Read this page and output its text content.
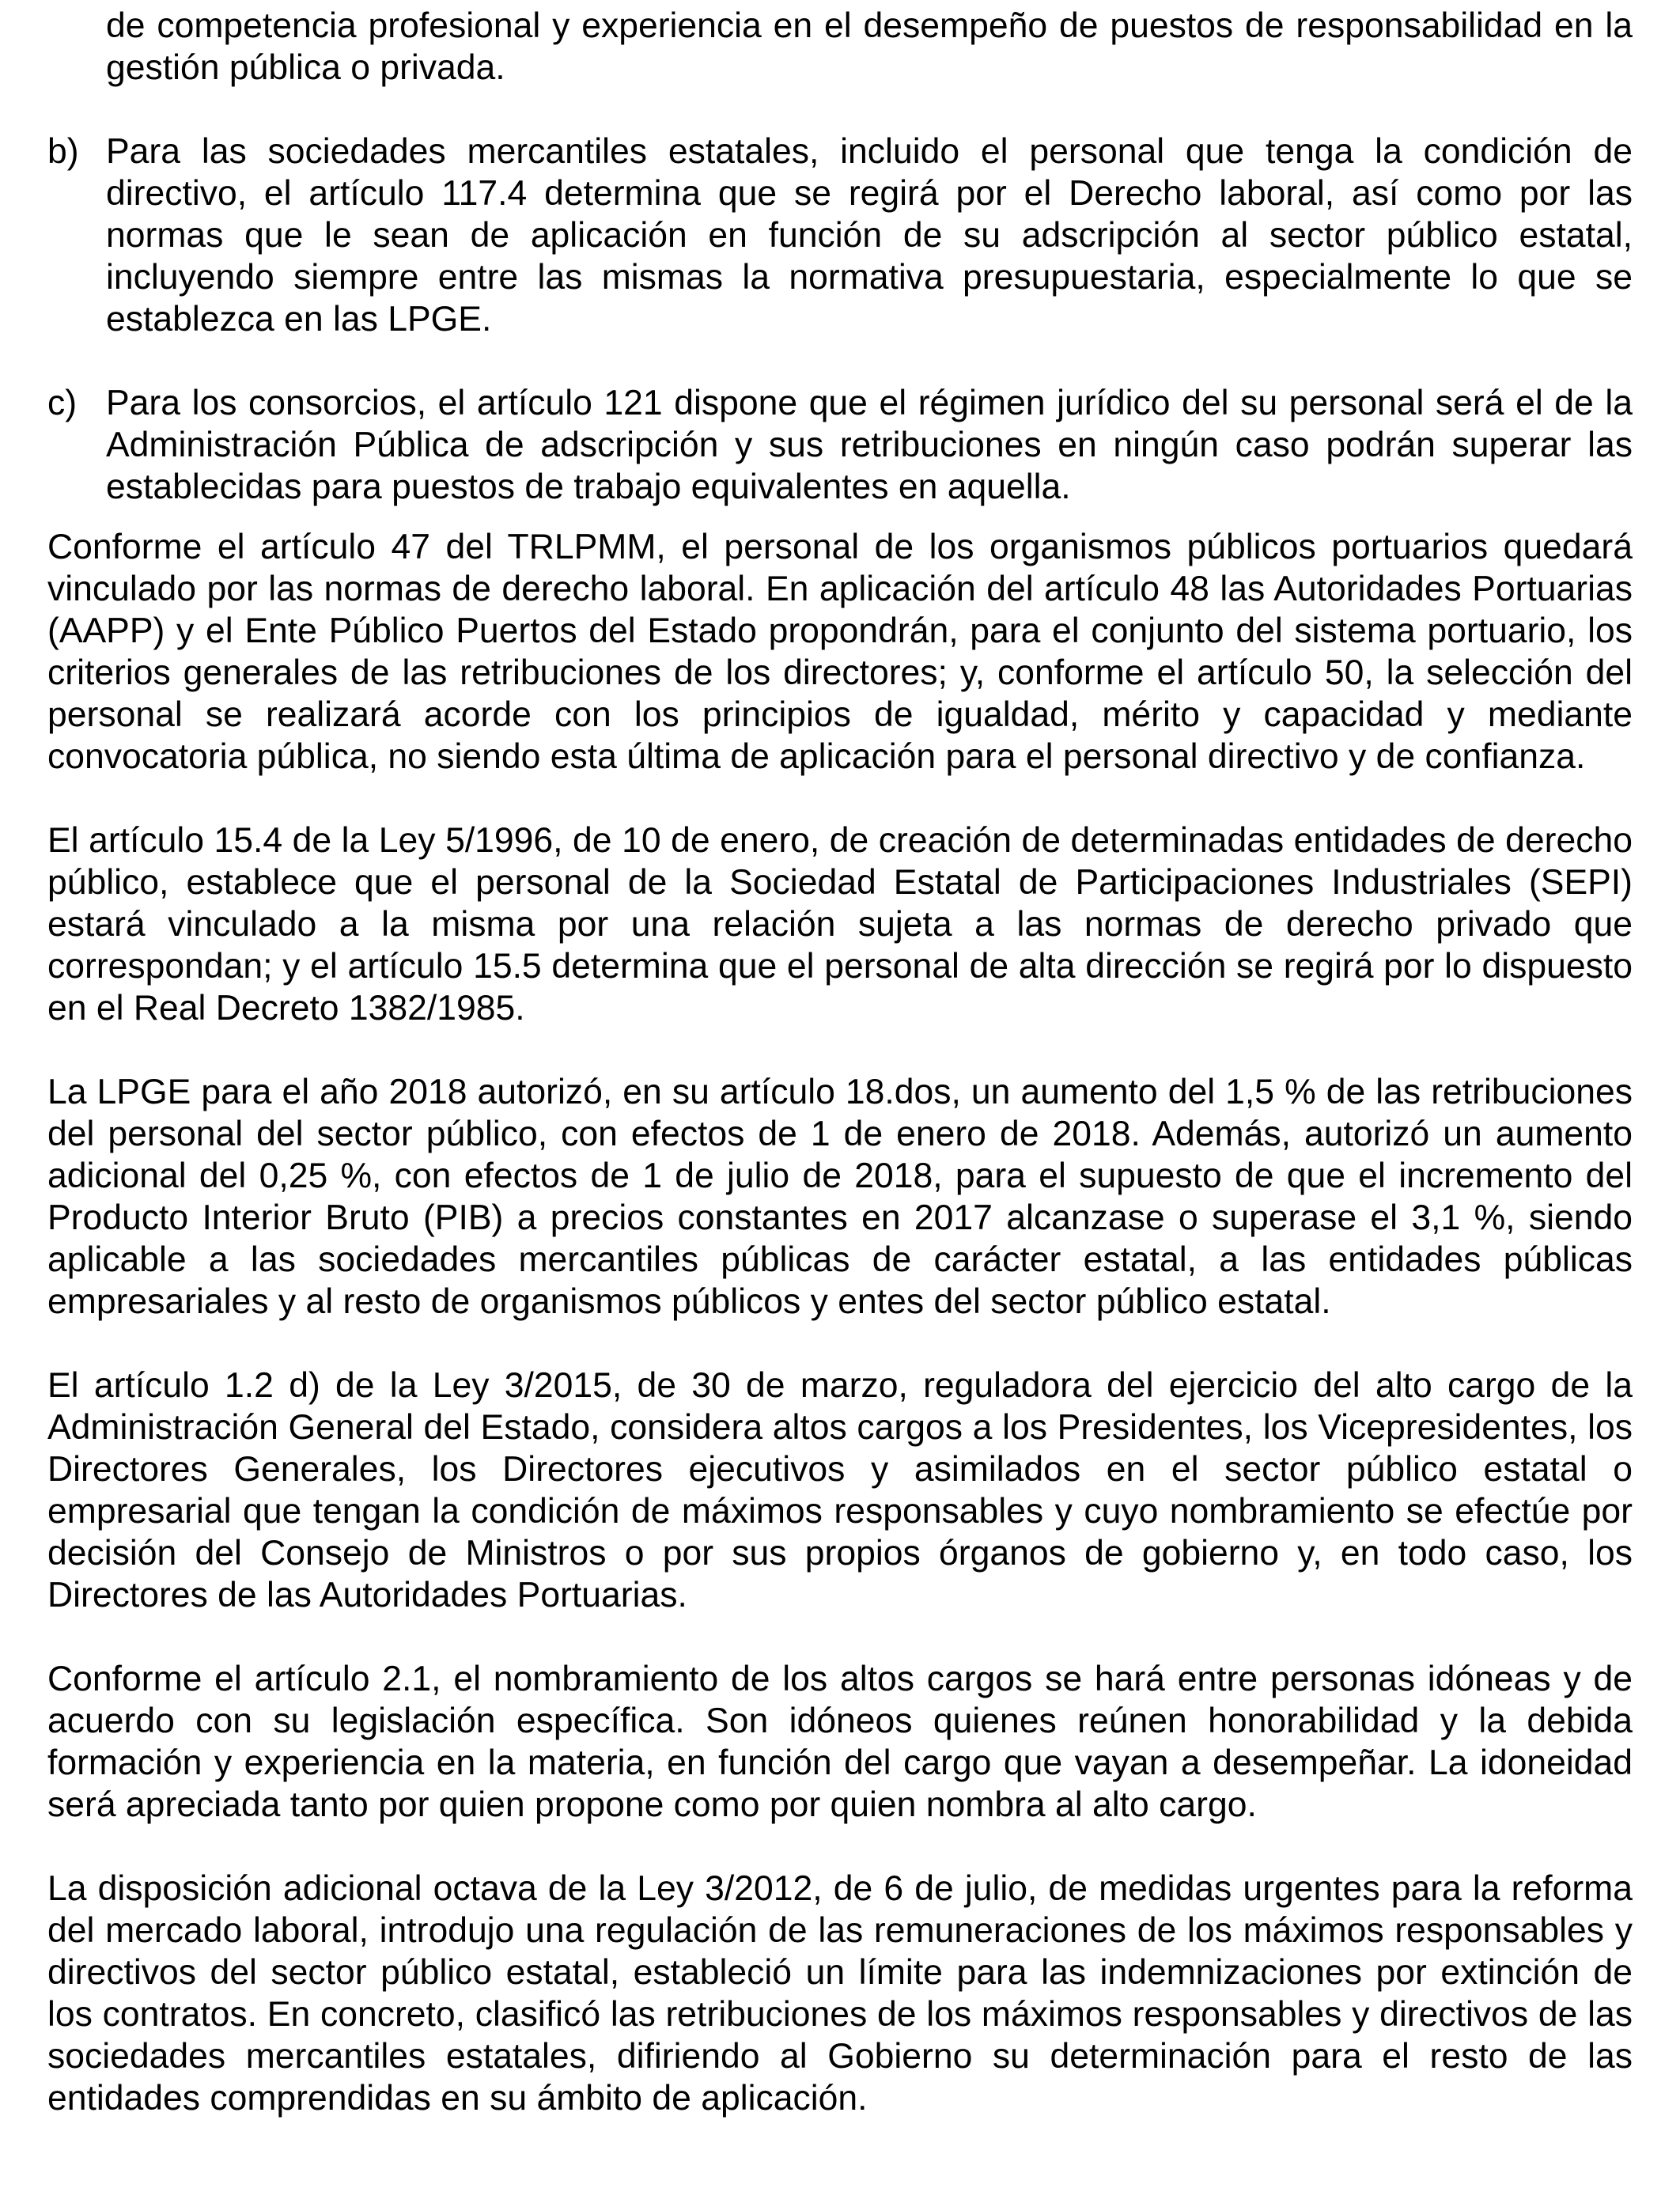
de competencia profesional y experiencia en el desempeño de puestos de responsabilidad en la gestión pública o privada.
b) Para las sociedades mercantiles estatales, incluido el personal que tenga la condición de directivo, el artículo 117.4 determina que se regirá por el Derecho laboral, así como por las normas que le sean de aplicación en función de su adscripción al sector público estatal, incluyendo siempre entre las mismas la normativa presupuestaria, especialmente lo que se establezca en las LPGE.
c) Para los consorcios, el artículo 121 dispone que el régimen jurídico del su personal será el de la Administración Pública de adscripción y sus retribuciones en ningún caso podrán superar las establecidas para puestos de trabajo equivalentes en aquella.

Conforme el artículo 47 del TRLPMM, el personal de los organismos públicos portuarios quedará vinculado por las normas de derecho laboral. En aplicación del artículo 48 las Autoridades Portuarias (AAPP) y el Ente Público Puertos del Estado propondrán, para el conjunto del sistema portuario, los criterios generales de las retribuciones de los directores; y, conforme el artículo 50, la selección del personal se realizará acorde con los principios de igualdad, mérito y capacidad y mediante convocatoria pública, no siendo esta última de aplicación para el personal directivo y de confianza.

El artículo 15.4 de la Ley 5/1996, de 10 de enero, de creación de determinadas entidades de derecho público, establece que el personal de la Sociedad Estatal de Participaciones Industriales (SEPI) estará vinculado a la misma por una relación sujeta a las normas de derecho privado que correspondan; y el artículo 15.5 determina que el personal de alta dirección se regirá por lo dispuesto en el Real Decreto 1382/1985.

La LPGE para el año 2018 autorizó, en su artículo 18.dos, un aumento del 1,5 % de las retribuciones del personal del sector público, con efectos de 1 de enero de 2018. Además, autorizó un aumento adicional del 0,25 %, con efectos de 1 de julio de 2018, para el supuesto de que el incremento del Producto Interior Bruto (PIB) a precios constantes en 2017 alcanzase o superase el 3,1 %, siendo aplicable a las sociedades mercantiles públicas de carácter estatal, a las entidades públicas empresariales y al resto de organismos públicos y entes del sector público estatal.

El artículo 1.2 d) de la Ley 3/2015, de 30 de marzo, reguladora del ejercicio del alto cargo de la Administración General del Estado, considera altos cargos a los Presidentes, los Vicepresidentes, los Directores Generales, los Directores ejecutivos y asimilados en el sector público estatal o empresarial que tengan la condición de máximos responsables y cuyo nombramiento se efectúe por decisión del Consejo de Ministros o por sus propios órganos de gobierno y, en todo caso, los Directores de las Autoridades Portuarias.

Conforme el artículo 2.1, el nombramiento de los altos cargos se hará entre personas idóneas y de acuerdo con su legislación específica. Son idóneos quienes reúnen honorabilidad y la debida formación y experiencia en la materia, en función del cargo que vayan a desempeñar. La idoneidad será apreciada tanto por quien propone como por quien nombra al alto cargo.

La disposición adicional octava de la Ley 3/2012, de 6 de julio, de medidas urgentes para la reforma del mercado laboral, introdujo una regulación de las remuneraciones de los máximos responsables y directivos del sector público estatal, estableció un límite para las indemnizaciones por extinción de los contratos. En concreto, clasificó las retribuciones de los máximos responsables y directivos de las sociedades mercantiles estatales, difiriendo al Gobierno su determinación para el resto de las entidades comprendidas en su ámbito de aplicación.
